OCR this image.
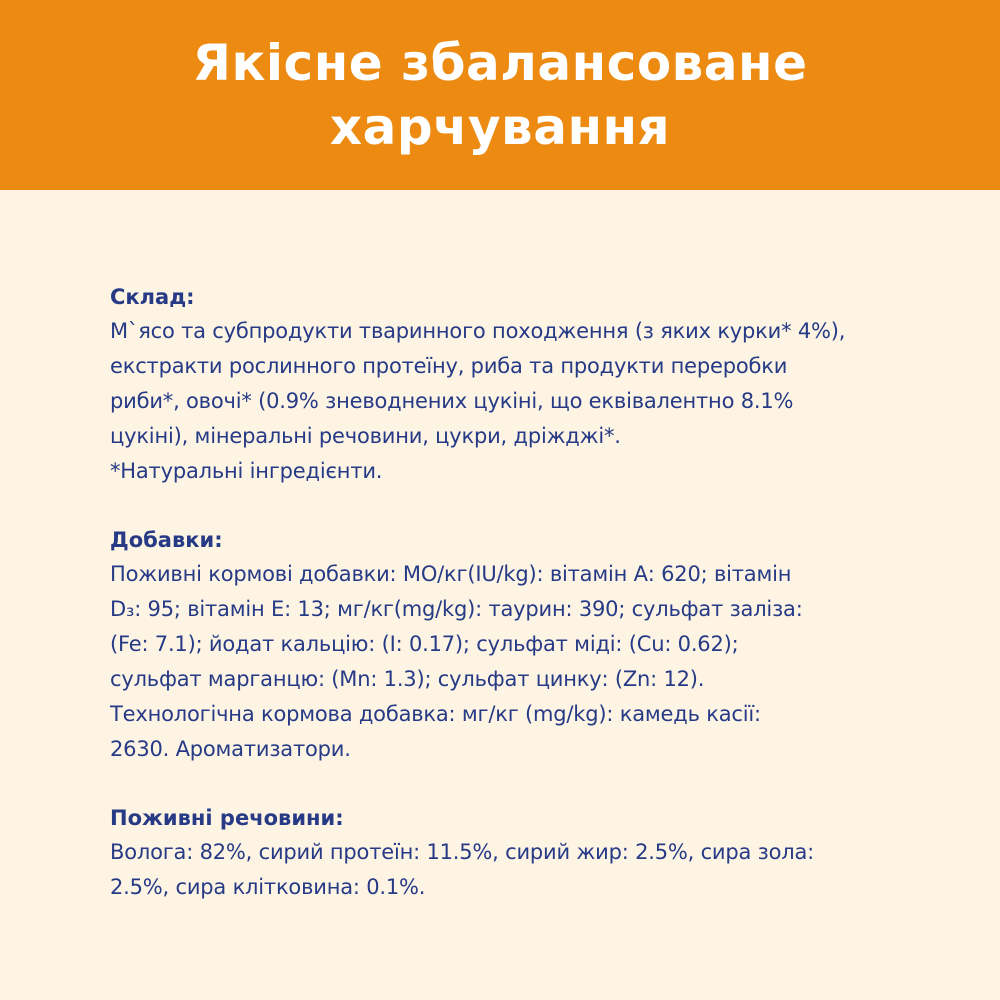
Якісне збалансоване
харчування
Склад:

М`ясо та субпродукти тваринного походження (з яких курки* 4%),
екстракти рослинного протеїну, риба та продукти переробки
риби*, овочі* (0.9% зневоднених цукіні, що еквівалентно 8.1%
цукіні), мінеральні речовини, цукри, дріжджі*.
*Натуральні інгредієнти.

Добавки:

Поживні кормові добавки: МО/кг(IU/kg): вітамін А: 620; вітамін
D₃: 95; вітамін Е: 13; мг/кг(mg/kg): таурин: 390; сульфат заліза:
(Fe: 7.1); йодат кальцію: (I: 0.17); сульфат міді: (Cu: 0.62);
сульфат марганцю: (Mn: 1.3); сульфат цинку: (Zn: 12).
Технологічна кормова добавка: мг/кг (mg/kg): камедь касії:
2630. Ароматизатори.

Поживні речовини:

Волога: 82%, сирий протеїн: 11.5%, сирий жир: 2.5%, сира зола:
2.5%, сира клітковина: 0.1%.
